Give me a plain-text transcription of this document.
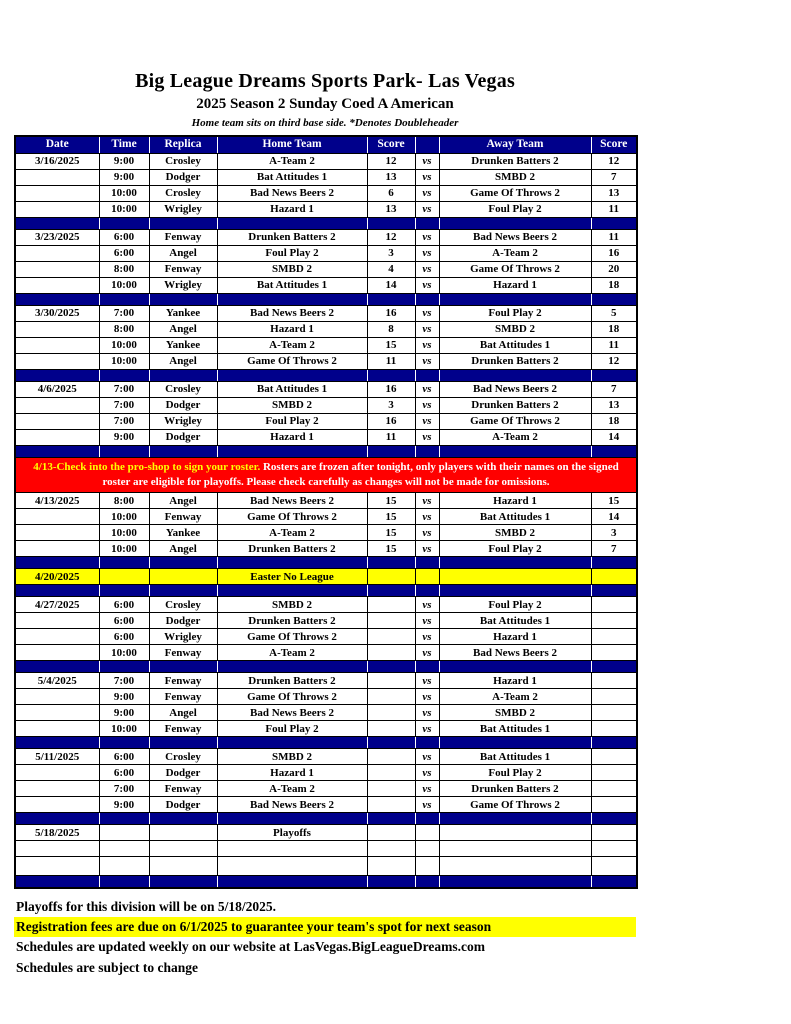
Big League Dreams Sports Park- Las Vegas
2025 Season 2 Sunday Coed A American
Home team sits on third base side. *Denotes Doubleheader
Date	Time	Replica	Home Team	Score		Away Team	Score
3/16/2025	9:00	Crosley	A-Team 2	12	vs	Drunken Batters 2	12
	9:00	Dodger	Bat Attitudes 1	13	vs	SMBD 2	7
	10:00	Crosley	Bad News Beers 2	6	vs	Game Of Throws 2	13
	10:00	Wrigley	Hazard 1	13	vs	Foul Play 2	11

3/23/2025	6:00	Fenway	Drunken Batters 2	12	vs	Bad News Beers 2	11
	6:00	Angel	Foul Play 2	3	vs	A-Team 2	16
	8:00	Fenway	SMBD 2	4	vs	Game Of Throws 2	20
	10:00	Wrigley	Bat Attitudes 1	14	vs	Hazard 1	18

3/30/2025	7:00	Yankee	Bad News Beers 2	16	vs	Foul Play 2	5
	8:00	Angel	Hazard 1	8	vs	SMBD 2	18
	10:00	Yankee	A-Team 2	15	vs	Bat Attitudes 1	11
	10:00	Angel	Game Of Throws 2	11	vs	Drunken Batters 2	12

4/6/2025	7:00	Crosley	Bat Attitudes 1	16	vs	Bad News Beers 2	7
	7:00	Dodger	SMBD 2	3	vs	Drunken Batters 2	13
	7:00	Wrigley	Foul Play 2	16	vs	Game Of Throws 2	18
	9:00	Dodger	Hazard 1	11	vs	A-Team 2	14

4/13-Check into the pro-shop to sign your roster. Rosters are frozen after tonight, only players with their names on the signed roster are eligible for playoffs. Please check carefully as changes will not be made for omissions.							
4/13/2025	8:00	Angel	Bad News Beers 2	15	vs	Hazard 1	15
	10:00	Fenway	Game Of Throws 2	15	vs	Bat Attitudes 1	14
	10:00	Yankee	A-Team 2	15	vs	SMBD 2	3
	10:00	Angel	Drunken Batters 2	15	vs	Foul Play 2	7

4/20/2025			Easter No League				

4/27/2025	6:00	Crosley	SMBD 2		vs	Foul Play 2	
	6:00	Dodger	Drunken Batters 2		vs	Bat Attitudes 1	
	6:00	Wrigley	Game Of Throws 2		vs	Hazard 1	
	10:00	Fenway	A-Team 2		vs	Bad News Beers 2	

5/4/2025	7:00	Fenway	Drunken Batters 2		vs	Hazard 1	
	9:00	Fenway	Game Of Throws 2		vs	A-Team 2	
	9:00	Angel	Bad News Beers 2		vs	SMBD 2	
	10:00	Fenway	Foul Play 2		vs	Bat Attitudes 1	

5/11/2025	6:00	Crosley	SMBD 2		vs	Bat Attitudes 1	
	6:00	Dodger	Hazard 1		vs	Foul Play 2	
	7:00	Fenway	A-Team 2		vs	Drunken Batters 2	
	9:00	Dodger	Bad News Beers 2		vs	Game Of Throws 2	

5/18/2025			Playoffs				

Playoffs for this division will be on 5/18/2025.
Registration fees are due on 6/1/2025 to guarantee your team's spot for next season
Schedules are updated weekly on our website at LasVegas.BigLeagueDreams.com
Schedules are subject to change
